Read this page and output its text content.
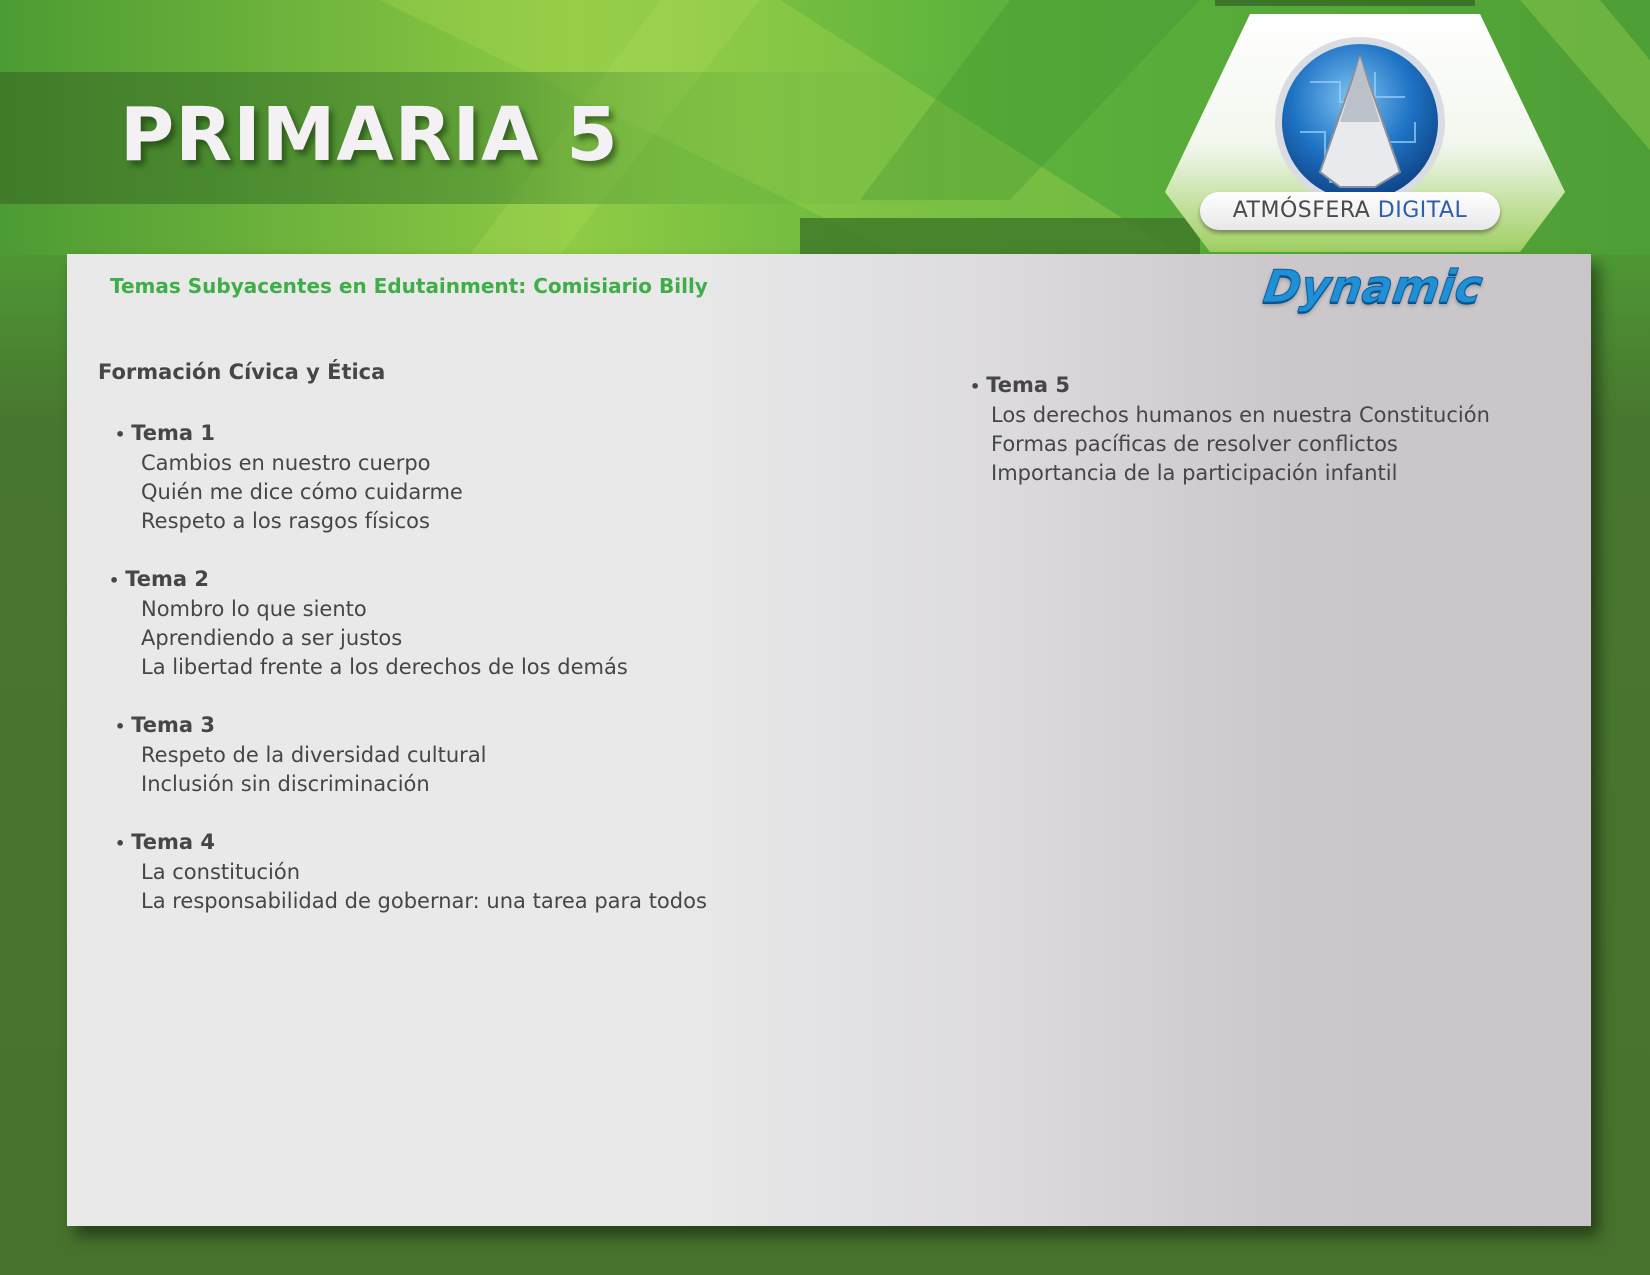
PRIMARIA 5
ATMÓSFERA DIGITAL
Temas Subyacentes en Edutainment: Comisiario Billy	Dynamic
Formación Cívica y Ética
• Tema 1
Cambios en nuestro cuerpo
Quién me dice cómo cuidarme
Respeto a los rasgos físicos
• Tema 2
Nombro lo que siento
Aprendiendo a ser justos
La libertad frente a los derechos de los demás
• Tema 3
Respeto de la diversidad cultural
Inclusión sin discriminación
• Tema 4
La constitución
La responsabilidad de gobernar: una tarea para todos
• Tema 5
Los derechos humanos en nuestra Constitución
Formas pacíficas de resolver conflictos
Importancia de la participación infantil
